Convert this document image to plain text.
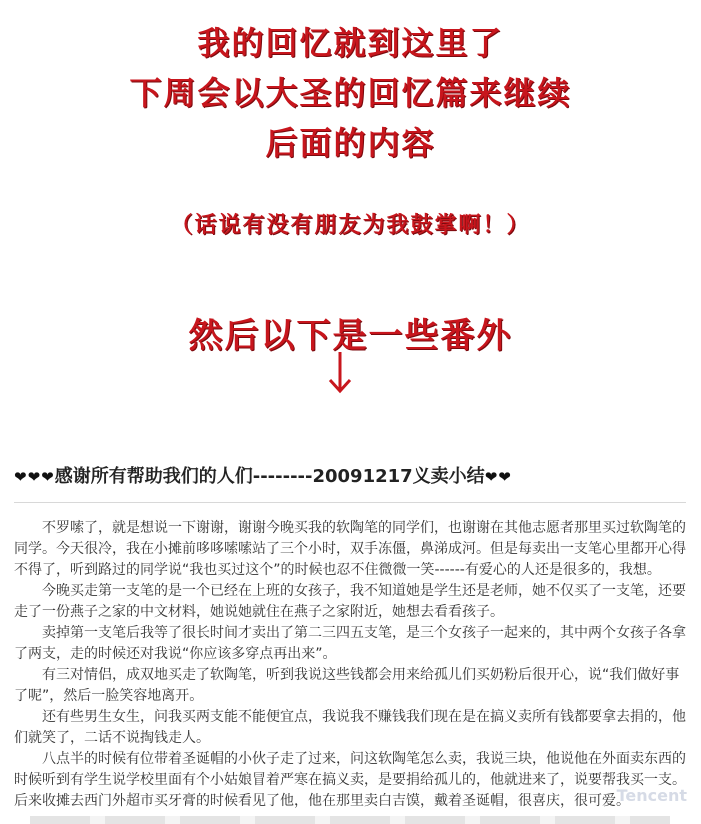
我的回忆就到这里了
下周会以大圣的回忆篇来继续
后面的内容
（话说有没有朋友为我鼓掌啊！）
然后以下是一些番外
❤❤❤感谢所有帮助我们的人们--------20091217义卖小结❤❤

不罗嗦了，就是想说一下谢谢，谢谢今晚买我的软陶笔的同学们，也谢谢在其他志愿者那里买过软陶笔的同学。今天很冷，我在小摊前哆哆嗦嗦站了三个小时，双手冻僵，鼻涕成河。但是每卖出一支笔心里都开心得不得了，听到路过的同学说“我也买过这个”的时候也忍不住微微一笑------有爱心的人还是很多的，我想。

今晚买走第一支笔的是一个已经在上班的女孩子，我不知道她是学生还是老师，她不仅买了一支笔，还要走了一份燕子之家的中文材料，她说她就住在燕子之家附近，她想去看看孩子。

卖掉第一支笔后我等了很长时间才卖出了第二三四五支笔，是三个女孩子一起来的，其中两个女孩子各拿了两支，走的时候还对我说“你应该多穿点再出来”。

有三对情侣，成双地买走了软陶笔，听到我说这些钱都会用来给孤儿们买奶粉后很开心，说“我们做好事了呢”，然后一脸笑容地离开。

还有些男生女生，问我买两支能不能便宜点，我说我不赚钱我们现在是在搞义卖所有钱都要拿去捐的，他们就笑了，二话不说掏钱走人。

八点半的时候有位带着圣诞帽的小伙子走了过来，问这软陶笔怎么卖，我说三块，他说他在外面卖东西的时候听到有学生说学校里面有个小姑娘冒着严寒在搞义卖，是要捐给孤儿的，他就进来了，说要帮我买一支。后来收摊去西门外超市买牙膏的时候看见了他，他在那里卖白吉馍，戴着圣诞帽，很喜庆，很可爱。

Tencent
